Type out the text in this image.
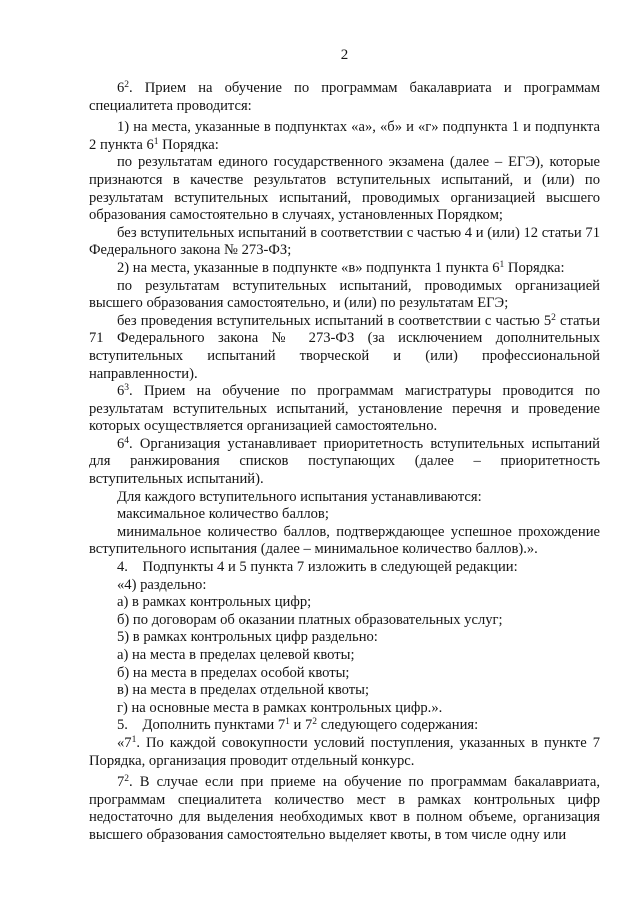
2

$6^2$. Прием на обучение по программам бакалавриата и программам специалитета проводится:

1) на места, указанные в подпунктах «а», «б» и «г» подпункта 1 и подпункта 2 пункта $6^1$ Порядка:

по результатам единого государственного экзамена (далее – ЕГЭ), которые признаются в качестве результатов вступительных испытаний, и (или) по результатам вступительных испытаний, проводимых организацией высшего образования самостоятельно в случаях, установленных Порядком;

без вступительных испытаний в соответствии с частью 4 и (или) 12 статьи 71 Федерального закона № 273-ФЗ;

2) на места, указанные в подпункте «в» подпункта 1 пункта $6^1$ Порядка:

по результатам вступительных испытаний, проводимых организацией высшего образования самостоятельно, и (или) по результатам ЕГЭ;

без проведения вступительных испытаний в соответствии с частью $5^2$ статьи 71 Федерального закона № 273-ФЗ (за исключением дополнительных вступительных испытаний творческой и (или) профессиональной направленности).

$6^3$. Прием на обучение по программам магистратуры проводится по результатам вступительных испытаний, установление перечня и проведение которых осуществляется организацией самостоятельно.

$6^4$. Организация устанавливает приоритетность вступительных испытаний для ранжирования списков поступающих (далее – приоритетность вступительных испытаний).

Для каждого вступительного испытания устанавливаются:

максимальное количество баллов;

минимальное количество баллов, подтверждающее успешное прохождение вступительного испытания (далее – минимальное количество баллов).».

4. Подпункты 4 и 5 пункта 7 изложить в следующей редакции:

«4) раздельно:

а) в рамках контрольных цифр;

б) по договорам об оказании платных образовательных услуг;

5) в рамках контрольных цифр раздельно:

а) на места в пределах целевой квоты;

б) на места в пределах особой квоты;

в) на места в пределах отдельной квоты;

г) на основные места в рамках контрольных цифр.».

5. Дополнить пунктами $7^1$ и $7^2$ следующего содержания:

«$7^1$. По каждой совокупности условий поступления, указанных в пункте 7 Порядка, организация проводит отдельный конкурс.

$7^2$. В случае если при приеме на обучение по программам бакалавриата, программам специалитета количество мест в рамках контрольных цифр недостаточно для выделения необходимых квот в полном объеме, организация высшего образования самостоятельно выделяет квоты, в том числе одну или
